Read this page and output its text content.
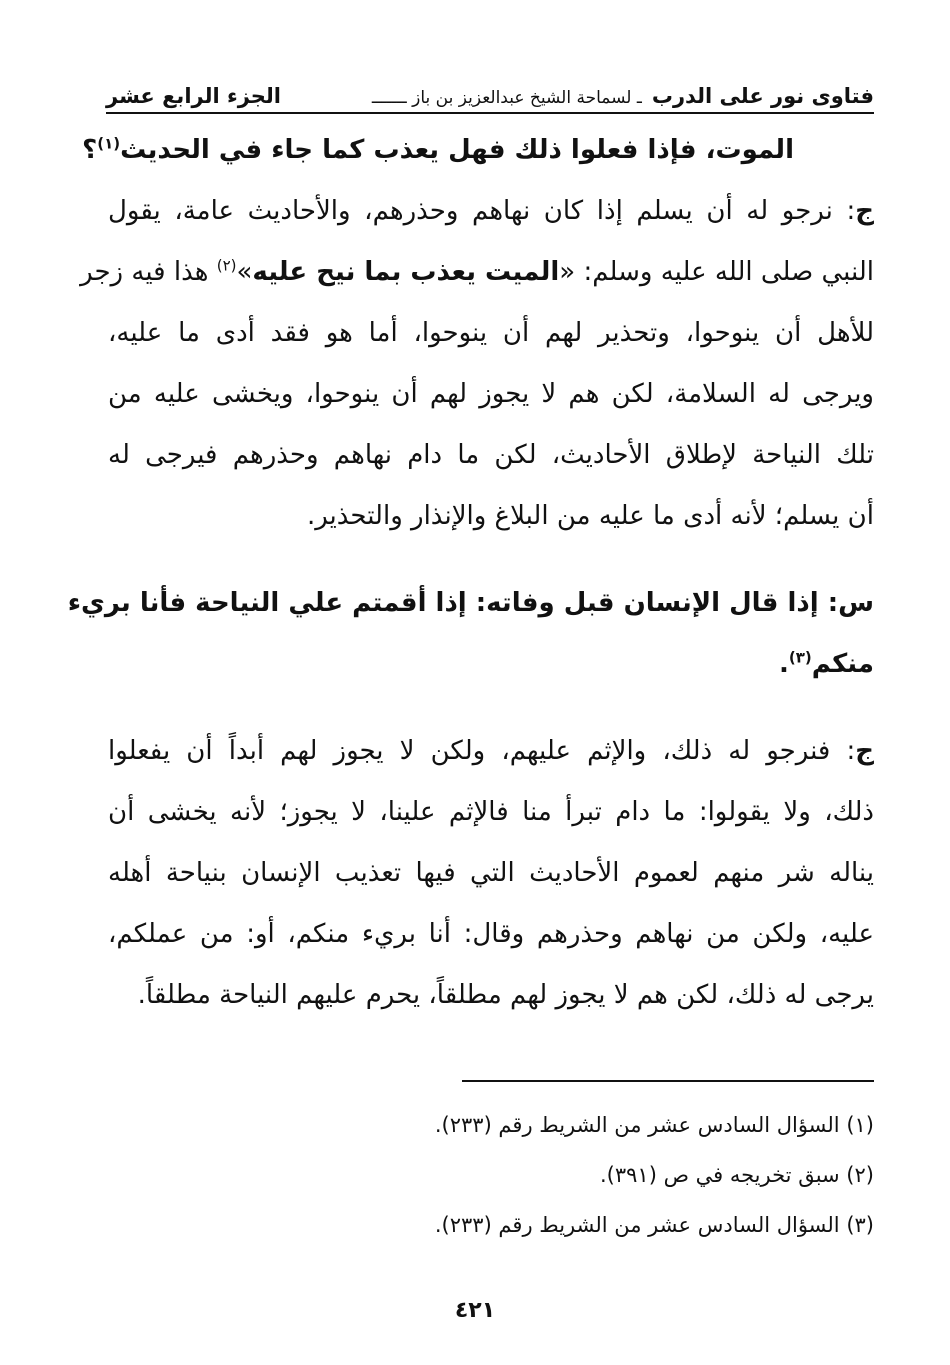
فتاوى نور على الدرب
ـ لسماحة الشيخ عبدالعزيز بن باز ـــــــ
الجزء الرابع عشر

الموت، فإذا فعلوا ذلك فهل يعذب كما جاء في الحديث$^{(١)}$؟

ج: نرجو له أن يسلم إذا كان نهاهم وحذرهم، والأحاديث عامة، يقول

النبي صلى الله عليه وسلم: «الميت يعذب بما نيح عليه»$^{(٢)}$ هذا فيه زجر

للأهل أن ينوحوا، وتحذير لهم أن ينوحوا، أما هو فقد أدى ما عليه،

ويرجى له السلامة، لكن هم لا يجوز لهم أن ينوحوا، ويخشى عليه من

تلك النياحة لإطلاق الأحاديث، لكن ما دام نهاهم وحذرهم فيرجى له

أن يسلم؛ لأنه أدى ما عليه من البلاغ والإنذار والتحذير.

س: إذا قال الإنسان قبل وفاته: إذا أقمتم علي النياحة فأنا بريء

منكم$^{(٣)}$.

ج: فنرجو له ذلك، والإثم عليهم، ولكن لا يجوز لهم أبداً أن يفعلوا

ذلك، ولا يقولوا: ما دام تبرأ منا فالإثم علينا، لا يجوز؛ لأنه يخشى أن

يناله شر منهم لعموم الأحاديث التي فيها تعذيب الإنسان بنياحة أهله

عليه، ولكن من نهاهم وحذرهم وقال: أنا بريء منكم، أو: من عملكم،

يرجى له ذلك، لكن هم لا يجوز لهم مطلقاً، يحرم عليهم النياحة مطلقاً.

(١) السؤال السادس عشر من الشريط رقم (٢٣٣).
(٢) سبق تخريجه في ص (٣٩١).
(٣) السؤال السادس عشر من الشريط رقم (٢٣٣).
٤٢١
